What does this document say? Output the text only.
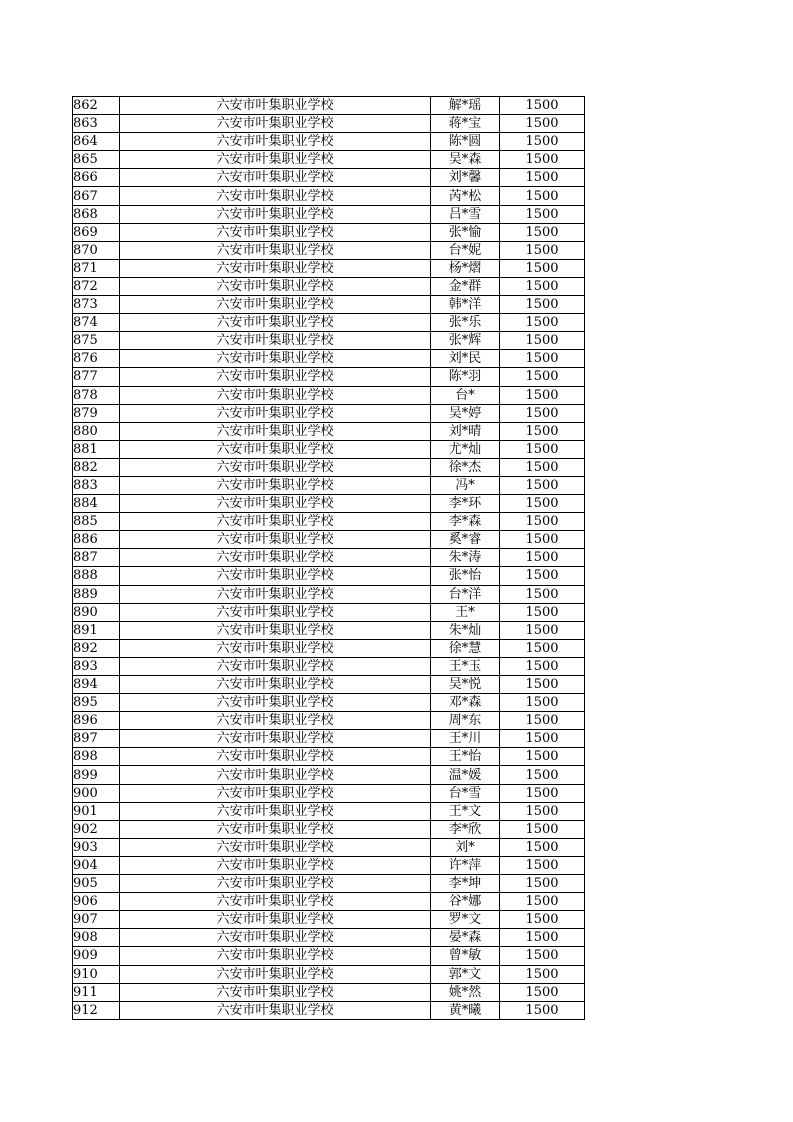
862	六安市叶集职业学校	解*瑶	1500
863	六安市叶集职业学校	蒋*宝	1500
864	六安市叶集职业学校	陈*圆	1500
865	六安市叶集职业学校	吴*森	1500
866	六安市叶集职业学校	刘*馨	1500
867	六安市叶集职业学校	芮*松	1500
868	六安市叶集职业学校	吕*雪	1500
869	六安市叶集职业学校	张*愉	1500
870	六安市叶集职业学校	台*妮	1500
871	六安市叶集职业学校	杨*熠	1500
872	六安市叶集职业学校	金*群	1500
873	六安市叶集职业学校	韩*洋	1500
874	六安市叶集职业学校	张*乐	1500
875	六安市叶集职业学校	张*辉	1500
876	六安市叶集职业学校	刘*民	1500
877	六安市叶集职业学校	陈*羽	1500
878	六安市叶集职业学校	台*	1500
879	六安市叶集职业学校	吴*婷	1500
880	六安市叶集职业学校	刘*晴	1500
881	六安市叶集职业学校	尤*灿	1500
882	六安市叶集职业学校	徐*杰	1500
883	六安市叶集职业学校	冯*	1500
884	六安市叶集职业学校	李*环	1500
885	六安市叶集职业学校	李*森	1500
886	六安市叶集职业学校	奚*睿	1500
887	六安市叶集职业学校	朱*涛	1500
888	六安市叶集职业学校	张*怡	1500
889	六安市叶集职业学校	台*洋	1500
890	六安市叶集职业学校	王*	1500
891	六安市叶集职业学校	朱*灿	1500
892	六安市叶集职业学校	徐*慧	1500
893	六安市叶集职业学校	王*玉	1500
894	六安市叶集职业学校	吴*悦	1500
895	六安市叶集职业学校	邓*森	1500
896	六安市叶集职业学校	周*东	1500
897	六安市叶集职业学校	王*川	1500
898	六安市叶集职业学校	王*怡	1500
899	六安市叶集职业学校	温*媛	1500
900	六安市叶集职业学校	台*雪	1500
901	六安市叶集职业学校	王*文	1500
902	六安市叶集职业学校	李*欣	1500
903	六安市叶集职业学校	刘*	1500
904	六安市叶集职业学校	许*萍	1500
905	六安市叶集职业学校	李*坤	1500
906	六安市叶集职业学校	谷*娜	1500
907	六安市叶集职业学校	罗*文	1500
908	六安市叶集职业学校	晏*森	1500
909	六安市叶集职业学校	曾*敏	1500
910	六安市叶集职业学校	郭*文	1500
911	六安市叶集职业学校	姚*然	1500
912	六安市叶集职业学校	黄*曦	1500
